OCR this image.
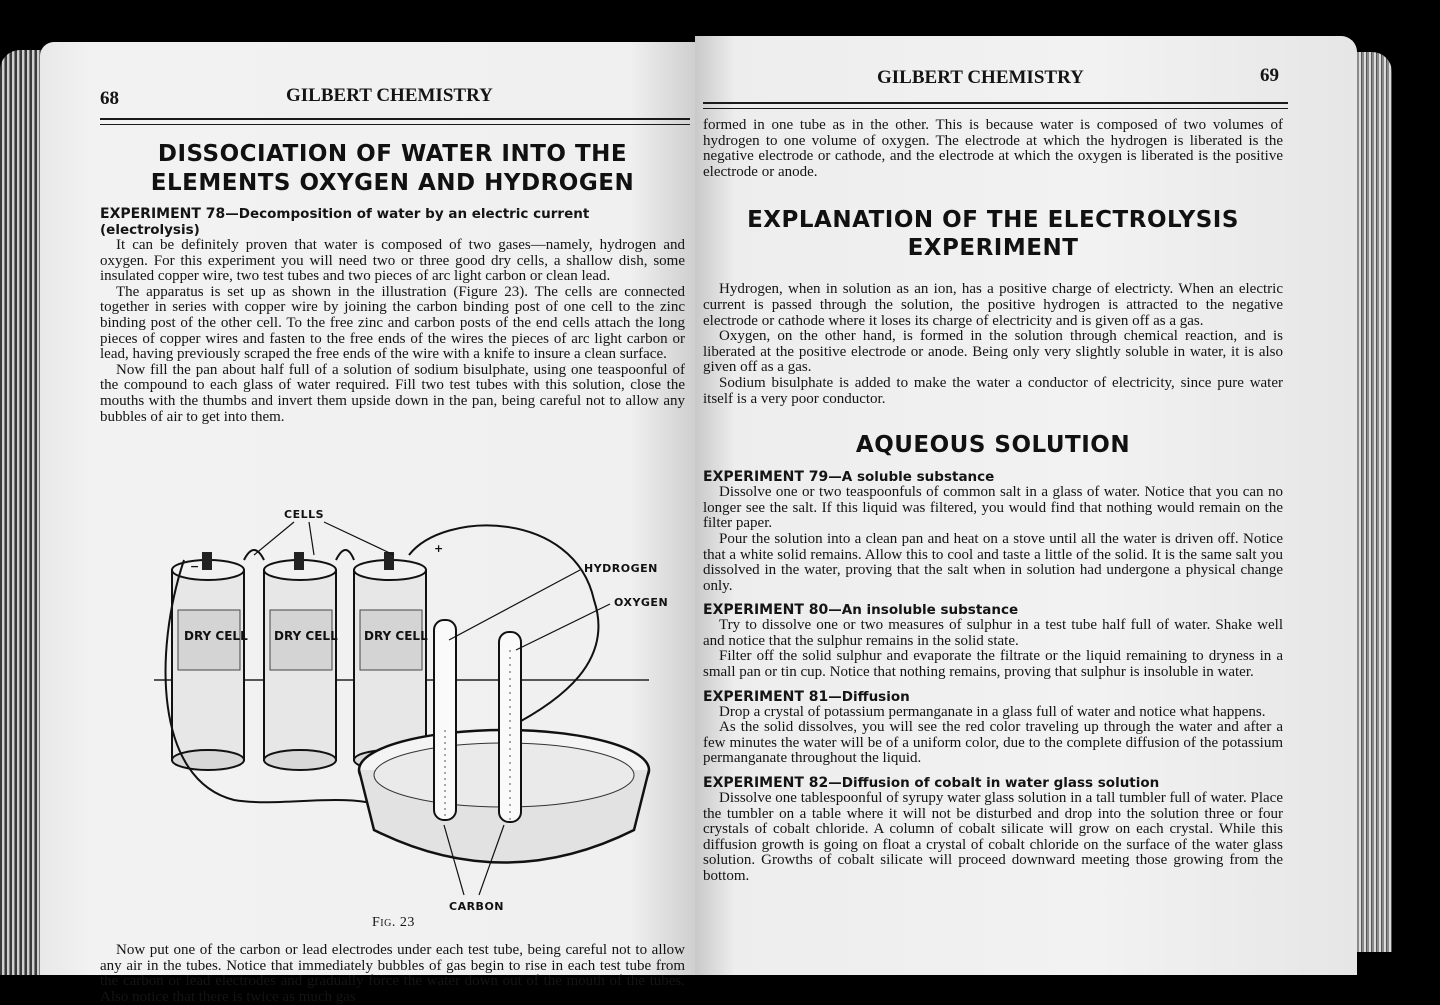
68	GILBERT CHEMISTRY
DISSOCIATION OF WATER INTO THE ELEMENTS OXYGEN AND HYDROGEN

EXPERIMENT 78—Decomposition of water by an electric current (electrolysis)

It can be definitely proven that water is composed of two gases—namely, hydrogen and oxygen. For this experiment you will need two or three good dry cells, a shallow dish, some insulated copper wire, two test tubes and two pieces of arc light carbon or clean lead.

The apparatus is set up as shown in the illustration (Figure 23). The cells are connected together in series with copper wire by joining the carbon binding post of one cell to the zinc binding post of the other cell. To the free zinc and carbon posts of the end cells attach the long pieces of copper wires and fasten to the free ends of the wires the pieces of arc light carbon or lead, having previously scraped the free ends of the wire with a knife to insure a clean surface.

Now fill the pan about half full of a solution of sodium bisulphate, using one teaspoonful of the compound to each glass of water required. Fill two test tubes with this solution, close the mouths with the thumbs and invert them upside down in the pan, being careful not to allow any bubbles of air to get into them.

DRY CELL DRY CELL DRY CELL
CELLS
−
+
HYDROGEN
OXYGEN
CARBON
Fig. 23

Now put one of the carbon or lead electrodes under each test tube, being careful not to allow any air in the tubes. Notice that immediately bubbles of gas begin to rise in each test tube from the carbon or lead electrodes and gradually force the water down out of the mouth of the tubes. Also notice that there is twice as much gas

GILBERT CHEMISTRY	69

formed in one tube as in the other. This is because water is composed of two volumes of hydrogen to one volume of oxygen. The electrode at which the hydrogen is liberated is the negative electrode or cathode, and the electrode at which the oxygen is liberated is the positive electrode or anode.

EXPLANATION OF THE ELECTROLYSIS EXPERIMENT

Hydrogen, when in solution as an ion, has a positive charge of electricty. When an electric current is passed through the solution, the positive hydrogen is attracted to the negative electrode or cathode where it loses its charge of electricity and is given off as a gas.

Oxygen, on the other hand, is formed in the solution through chemical reaction, and is liberated at the positive electrode or anode. Being only very slightly soluble in water, it is also given off as a gas.

Sodium bisulphate is added to make the water a conductor of electricity, since pure water itself is a very poor conductor.

AQUEOUS SOLUTION

EXPERIMENT 79—A soluble substance

Dissolve one or two teaspoonfuls of common salt in a glass of water. Notice that you can no longer see the salt. If this liquid was filtered, you would find that nothing would remain on the filter paper.

Pour the solution into a clean pan and heat on a stove until all the water is driven off. Notice that a white solid remains. Allow this to cool and taste a little of the solid. It is the same salt you dissolved in the water, proving that the salt when in solution had undergone a physical change only.

EXPERIMENT 80—An insoluble substance

Try to dissolve one or two measures of sulphur in a test tube half full of water. Shake well and notice that the sulphur remains in the solid state.

Filter off the solid sulphur and evaporate the filtrate or the liquid remaining to dryness in a small pan or tin cup. Notice that nothing remains, proving that sulphur is insoluble in water.

EXPERIMENT 81—Diffusion

Drop a crystal of potassium permanganate in a glass full of water and notice what happens.

As the solid dissolves, you will see the red color traveling up through the water and after a few minutes the water will be of a uniform color, due to the complete diffusion of the potassium permanganate throughout the liquid.

EXPERIMENT 82—Diffusion of cobalt in water glass solution

Dissolve one tablespoonful of syrupy water glass solution in a tall tumbler full of water. Place the tumbler on a table where it will not be disturbed and drop into the solution three or four crystals of cobalt chloride. A column of cobalt silicate will grow on each crystal. While this diffusion growth is going on float a crystal of cobalt chloride on the surface of the water glass solution. Growths of cobalt silicate will proceed downward meeting those growing from the bottom.
